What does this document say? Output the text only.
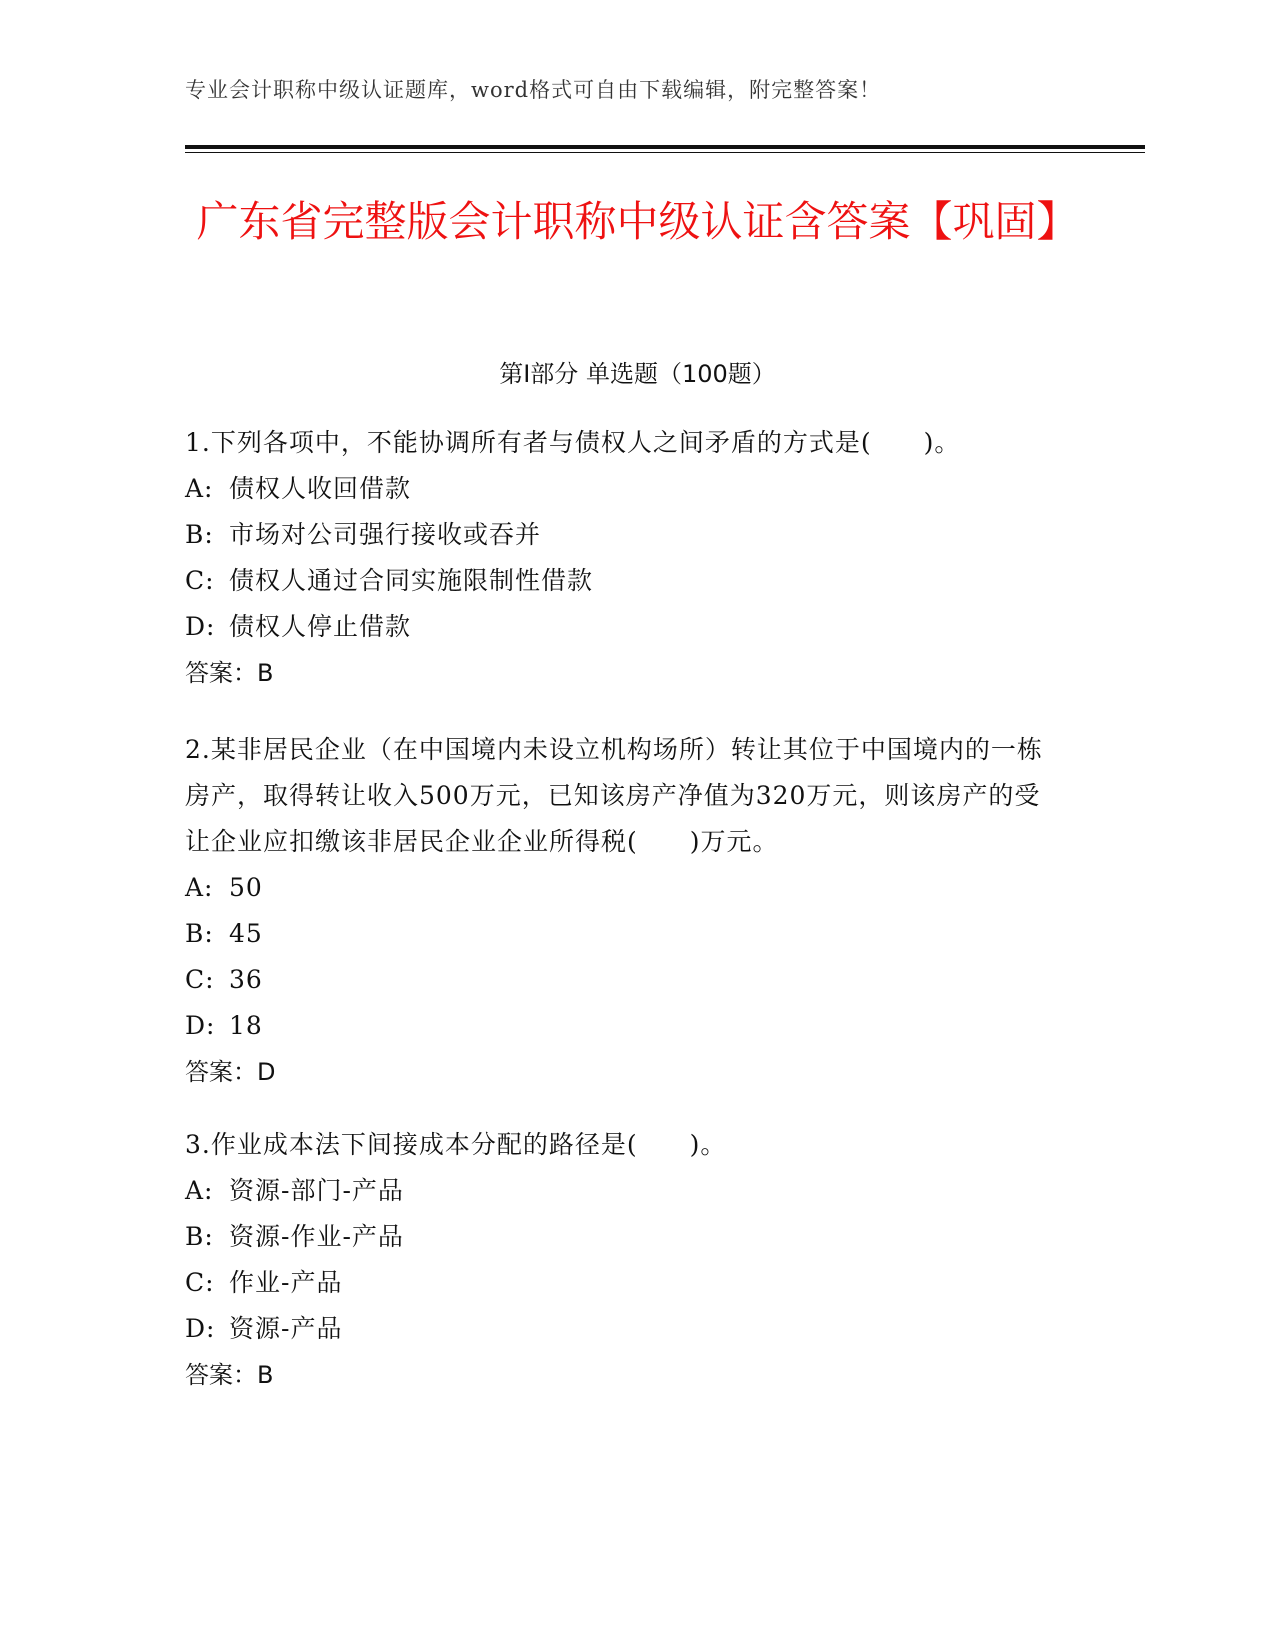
专业会计职称中级认证题库，word格式可自由下载编辑，附完整答案！
广东省完整版会计职称中级认证含答案【巩固】
第Ⅰ部分 单选题（100题）

1.下列各项中，不能协调所有者与债权人之间矛盾的方式是(　　)。

A: 债权人收回借款

B: 市场对公司强行接收或吞并

C: 债权人通过合同实施限制性借款

D: 债权人停止借款

答案：B

2.某非居民企业（在中国境内未设立机构场所）转让其位于中国境内的一栋房产，取得转让收入500万元，已知该房产净值为320万元，则该房产的受让企业应扣缴该非居民企业企业所得税(　　)万元。

A: 50

B: 45

C: 36

D: 18

答案：D

3.作业成本法下间接成本分配的路径是(　　)。

A: 资源-部门-产品

B: 资源-作业-产品

C: 作业-产品

D: 资源-产品

答案：B
